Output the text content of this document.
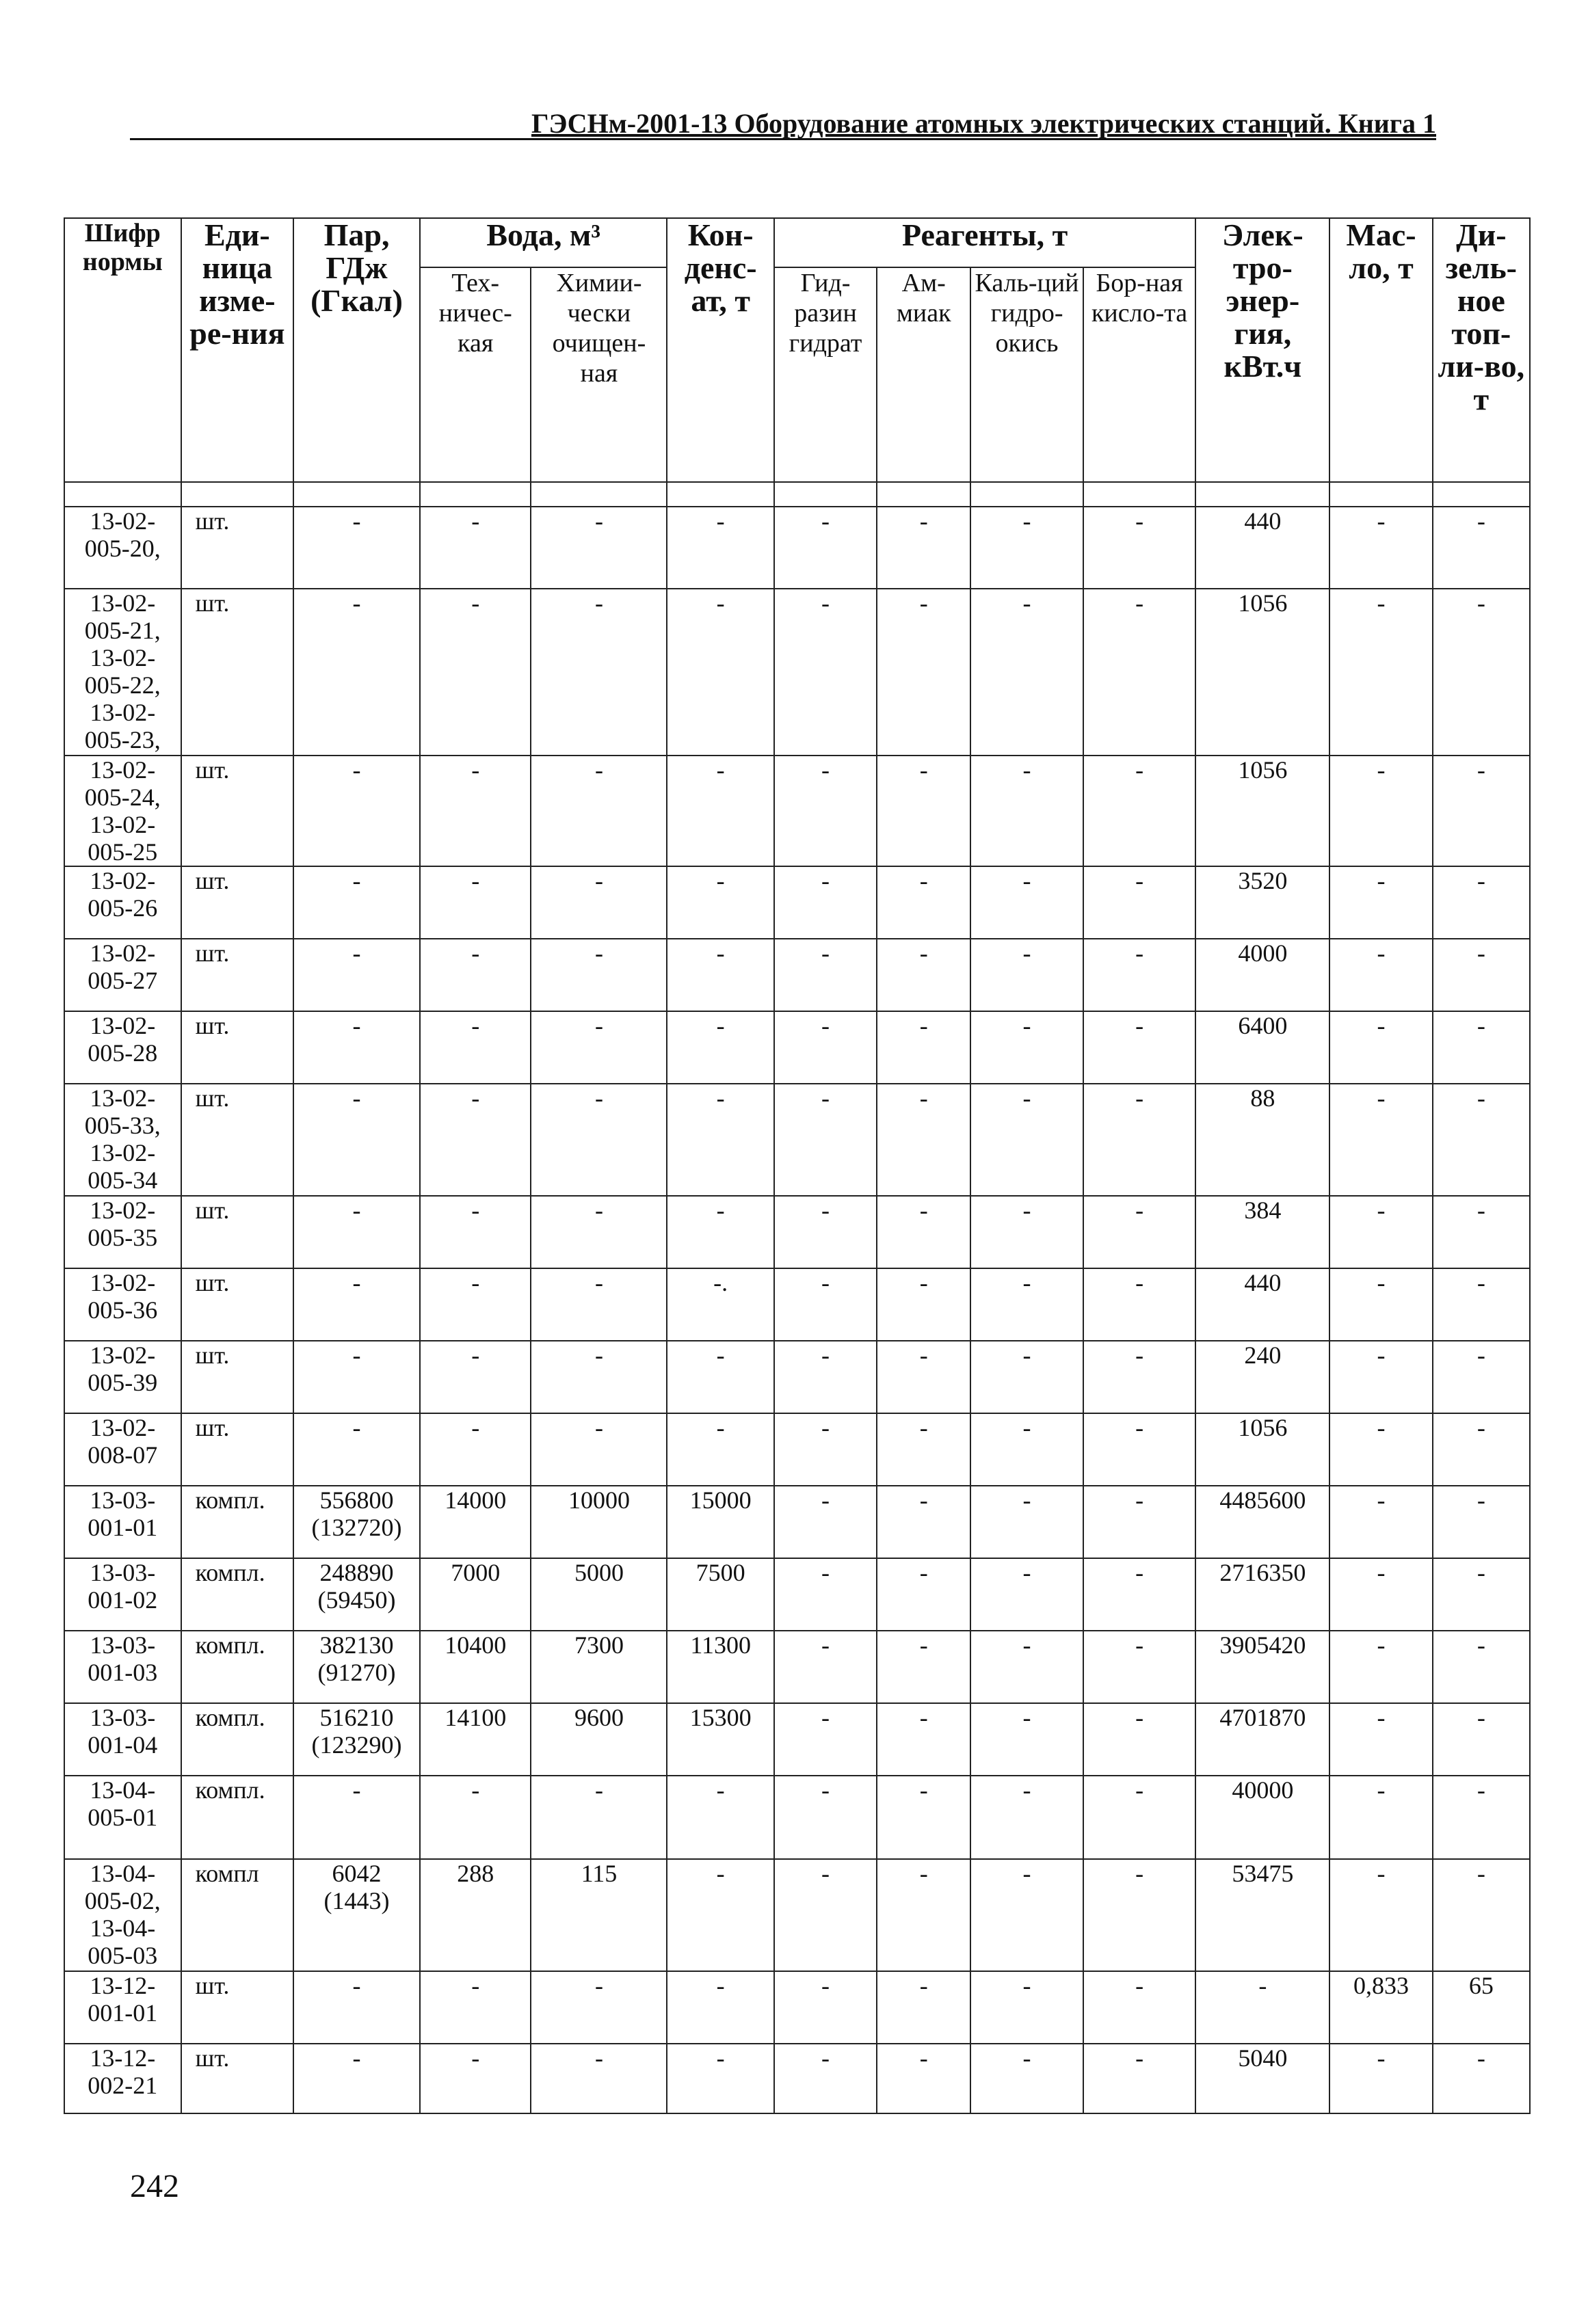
ГЭСНм-2001-13 Оборудование атомных электрических станций. Книга 1
Шифр нормы	Еди-ница изме-ре-ния	Пар, ГДж (Гкал)	Вода, м³		Кон-денс-ат, т	Реагенты, т				Элек-тро-энер-гия, кВт.ч	Мас-ло, т	Ди-зель-ное топ-ли-во, т
			Тех-ничес-кая	Химии-чески очищен-ная		Гид-разин гидрат	Ам-миак	Каль-ций гидро-окись	Бор-ная кисло-та			

13-02-005-20,	шт.	-	-	-	-	-	-	-	-	440	-	-
13-02-005-21, 13-02-005-22, 13-02-005-23,	шт.	-	-	-	-	-	-	-	-	1056	-	-
13-02-005-24, 13-02-005-25	шт.	-	-	-	-	-	-	-	-	1056	-	-
13-02-005-26	шт.	-	-	-	-	-	-	-	-	3520	-	-
13-02-005-27	шт.	-	-	-	-	-	-	-	-	4000	-	-
13-02-005-28	шт.	-	-	-	-	-	-	-	-	6400	-	-
13-02-005-33, 13-02-005-34	шт.	-	-	-	-	-	-	-	-	88	-	-
13-02-005-35	шт.	-	-	-	-	-	-	-	-	384	-	-
13-02-005-36	шт.	-	-	-	-.	-	-	-	-	440	-	-
13-02-005-39	шт.	-	-	-	-	-	-	-	-	240	-	-
13-02-008-07	шт.	-	-	-	-	-	-	-	-	1056	-	-
13-03-001-01	компл.	556800 (132720)	14000	10000	15000	-	-	-	-	4485600	-	-
13-03-001-02	компл.	248890 (59450)	7000	5000	7500	-	-	-	-	2716350	-	-
13-03-001-03	компл.	382130 (91270)	10400	7300	11300	-	-	-	-	3905420	-	-
13-03-001-04	компл.	516210 (123290)	14100	9600	15300	-	-	-	-	4701870	-	-
13-04-005-01	компл.	-	-	-	-	-	-	-	-	40000	-	-
13-04-005-02, 13-04-005-03	компл	6042 (1443)	288	115	-	-	-	-	-	53475	-	-
13-12-001-01	шт.	-	-	-	-	-	-	-	-	-	0,833	65
13-12-002-21	шт.	-	-	-	-	-	-	-	-	5040	-	-
242
